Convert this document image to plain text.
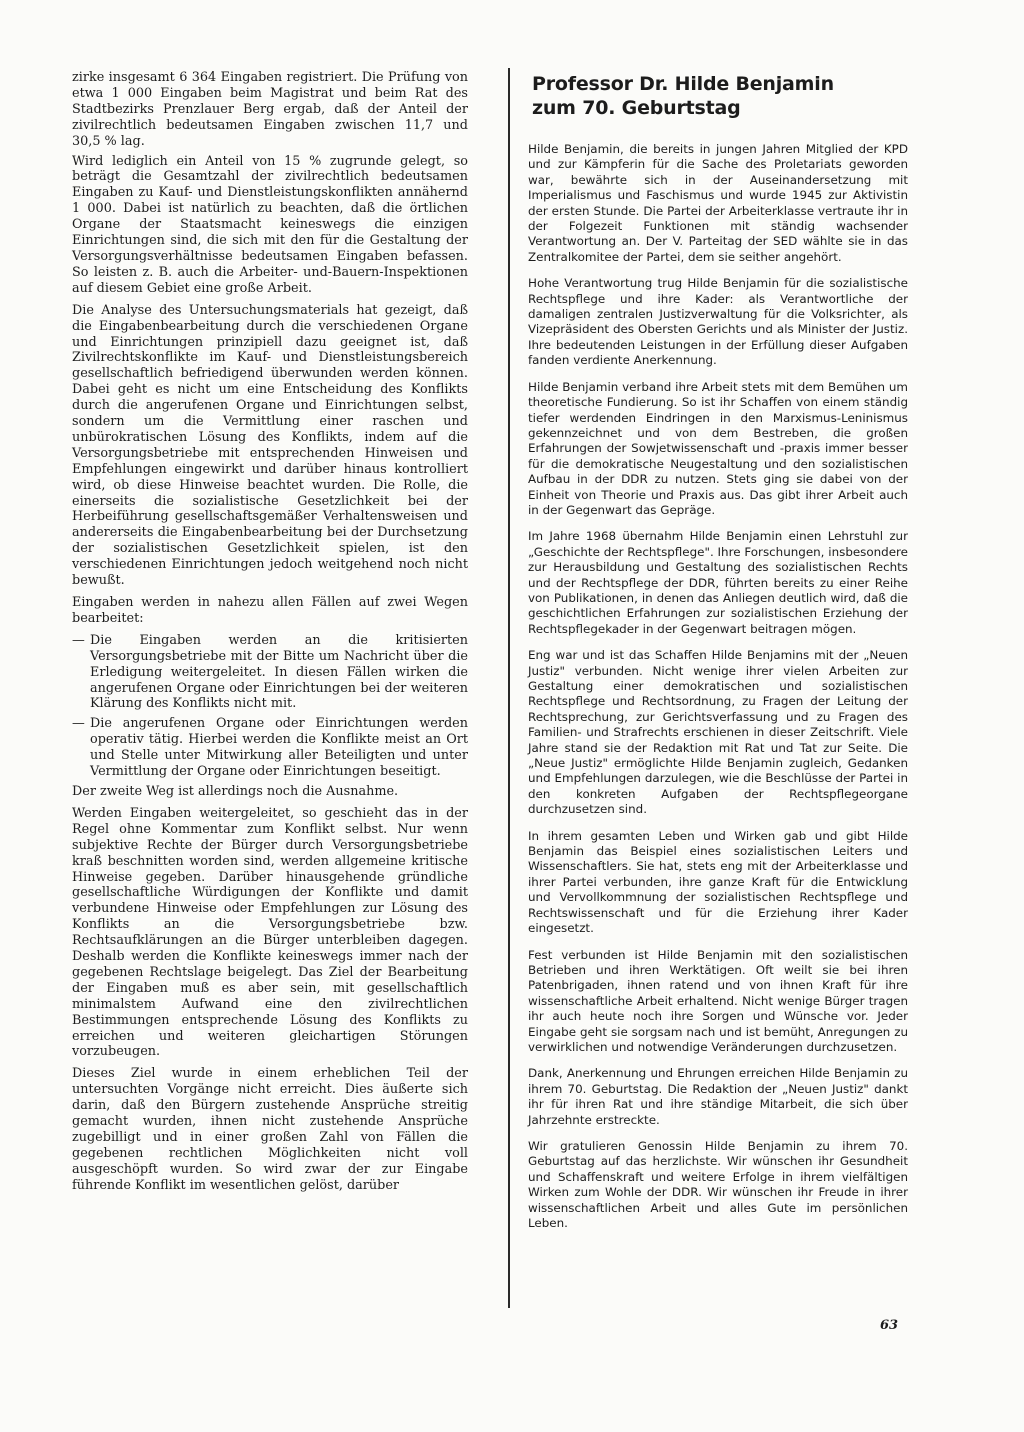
zirke insgesamt 6 364 Eingaben registriert. Die Prüfung von etwa 1 000 Eingaben beim Magistrat und beim Rat des Stadtbezirks Prenzlauer Berg ergab, daß der Anteil der zivilrechtlich bedeutsamen Eingaben zwischen 11,7 und 30,5 % lag.

Wird lediglich ein Anteil von 15 % zugrunde gelegt, so beträgt die Gesamtzahl der zivilrechtlich bedeutsamen Eingaben zu Kauf- und Dienstleistungskonflikten annähernd 1 000. Dabei ist natürlich zu beachten, daß die örtlichen Organe der Staatsmacht keineswegs die einzigen Einrichtungen sind, die sich mit den für die Gestaltung der Versorgungsverhältnisse bedeutsamen Eingaben befassen. So leisten z. B. auch die Arbeiter- und-Bauern-Inspektionen auf diesem Gebiet eine große Arbeit.

Die Analyse des Untersuchungsmaterials hat gezeigt, daß die Eingabenbearbeitung durch die verschiedenen Organe und Einrichtungen prinzipiell dazu geeignet ist, daß Zivilrechtskonflikte im Kauf- und Dienstleistungsbereich gesellschaftlich befriedigend überwunden werden können. Dabei geht es nicht um eine Entscheidung des Konflikts durch die angerufenen Organe und Einrichtungen selbst, sondern um die Vermittlung einer raschen und unbürokratischen Lösung des Konflikts, indem auf die Versorgungsbetriebe mit entsprechenden Hinweisen und Empfehlungen eingewirkt und darüber hinaus kontrolliert wird, ob diese Hinweise beachtet wurden. Die Rolle, die einerseits die sozialistische Gesetzlichkeit bei der Herbeiführung gesellschaftsgemäßer Verhaltensweisen und andererseits die Eingabenbearbeitung bei der Durchsetzung der sozialistischen Gesetzlichkeit spielen, ist den verschiedenen Einrichtungen jedoch weitgehend noch nicht bewußt.

Eingaben werden in nahezu allen Fällen auf zwei Wegen bearbeitet:

— Die Eingaben werden an die kritisierten Versorgungsbetriebe mit der Bitte um Nachricht über die Erledigung weitergeleitet. In diesen Fällen wirken die angerufenen Organe oder Einrichtungen bei der weiteren Klärung des Konflikts nicht mit.
— Die angerufenen Organe oder Einrichtungen werden operativ tätig. Hierbei werden die Konflikte meist an Ort und Stelle unter Mitwirkung aller Beteiligten und unter Vermittlung der Organe oder Einrichtungen beseitigt.

Der zweite Weg ist allerdings noch die Ausnahme.

Werden Eingaben weitergeleitet, so geschieht das in der Regel ohne Kommentar zum Konflikt selbst. Nur wenn subjektive Rechte der Bürger durch Versorgungsbetriebe kraß beschnitten worden sind, werden allgemeine kritische Hinweise gegeben. Darüber hinausgehende gründliche gesellschaftliche Würdigungen der Konflikte und damit verbundene Hinweise oder Empfehlungen zur Lösung des Konflikts an die Versorgungsbetriebe bzw. Rechtsaufklärungen an die Bürger unterbleiben dagegen. Deshalb werden die Konflikte keineswegs immer nach der gegebenen Rechtslage beigelegt. Das Ziel der Bearbeitung der Eingaben muß es aber sein, mit gesellschaftlich minimalstem Aufwand eine den zivilrechtlichen Bestimmungen entsprechende Lösung des Konflikts zu erreichen und weiteren gleichartigen Störungen vorzubeugen.

Dieses Ziel wurde in einem erheblichen Teil der untersuchten Vorgänge nicht erreicht. Dies äußerte sich darin, daß den Bürgern zustehende Ansprüche streitig gemacht wurden, ihnen nicht zustehende Ansprüche zugebilligt und in einer großen Zahl von Fällen die gegebenen rechtlichen Möglichkeiten nicht voll ausgeschöpft wurden. So wird zwar der zur Eingabe führende Konflikt im wesentlichen gelöst, darüber

Professor Dr. Hilde Benjamin
zum 70. Geburtstag

Hilde Benjamin, die bereits in jungen Jahren Mitglied der KPD und zur Kämpferin für die Sache des Proletariats geworden war, bewährte sich in der Auseinandersetzung mit Imperialismus und Faschismus und wurde 1945 zur Aktivistin der ersten Stunde. Die Partei der Arbeiterklasse vertraute ihr in der Folgezeit Funktionen mit ständig wachsender Verantwortung an. Der V. Parteitag der SED wählte sie in das Zentralkomitee der Partei, dem sie seither angehört.

Hohe Verantwortung trug Hilde Benjamin für die sozialistische Rechtspflege und ihre Kader: als Verantwortliche der damaligen zentralen Justizverwaltung für die Volksrichter, als Vizepräsident des Obersten Gerichts und als Minister der Justiz. Ihre bedeutenden Leistungen in der Erfüllung dieser Aufgaben fanden verdiente Anerkennung.

Hilde Benjamin verband ihre Arbeit stets mit dem Bemühen um theoretische Fundierung. So ist ihr Schaffen von einem ständig tiefer werdenden Eindringen in den Marxismus-Leninismus gekennzeichnet und von dem Bestreben, die großen Erfahrungen der Sowjetwissenschaft und -praxis immer besser für die demokratische Neugestaltung und den sozialistischen Aufbau in der DDR zu nutzen. Stets ging sie dabei von der Einheit von Theorie und Praxis aus. Das gibt ihrer Arbeit auch in der Gegenwart das Gepräge.

Im Jahre 1968 übernahm Hilde Benjamin einen Lehrstuhl zur „Geschichte der Rechtspflege". Ihre Forschungen, insbesondere zur Herausbildung und Gestaltung des sozialistischen Rechts und der Rechtspflege der DDR, führten bereits zu einer Reihe von Publikationen, in denen das Anliegen deutlich wird, daß die geschichtlichen Erfahrungen zur sozialistischen Erziehung der Rechtspflegekader in der Gegenwart beitragen mögen.

Eng war und ist das Schaffen Hilde Benjamins mit der „Neuen Justiz" verbunden. Nicht wenige ihrer vielen Arbeiten zur Gestaltung einer demokratischen und sozialistischen Rechtspflege und Rechtsordnung, zu Fragen der Leitung der Rechtsprechung, zur Gerichtsverfassung und zu Fragen des Familien- und Strafrechts erschienen in dieser Zeitschrift. Viele Jahre stand sie der Redaktion mit Rat und Tat zur Seite. Die „Neue Justiz" ermöglichte Hilde Benjamin zugleich, Gedanken und Empfehlungen darzulegen, wie die Beschlüsse der Partei in den konkreten Aufgaben der Rechtspflegeorgane durchzusetzen sind.

In ihrem gesamten Leben und Wirken gab und gibt Hilde Benjamin das Beispiel eines sozialistischen Leiters und Wissenschaftlers. Sie hat, stets eng mit der Arbeiterklasse und ihrer Partei verbunden, ihre ganze Kraft für die Entwicklung und Vervollkommnung der sozialistischen Rechtspflege und Rechtswissenschaft und für die Erziehung ihrer Kader eingesetzt.

Fest verbunden ist Hilde Benjamin mit den sozialistischen Betrieben und ihren Werktätigen. Oft weilt sie bei ihren Patenbrigaden, ihnen ratend und von ihnen Kraft für ihre wissenschaftliche Arbeit erhaltend. Nicht wenige Bürger tragen ihr auch heute noch ihre Sorgen und Wünsche vor. Jeder Eingabe geht sie sorgsam nach und ist bemüht, Anregungen zu verwirklichen und notwendige Veränderungen durchzusetzen.

Dank, Anerkennung und Ehrungen erreichen Hilde Benjamin zu ihrem 70. Geburtstag. Die Redaktion der „Neuen Justiz" dankt ihr für ihren Rat und ihre ständige Mitarbeit, die sich über Jahrzehnte erstreckte.

Wir gratulieren Genossin Hilde Benjamin zu ihrem 70. Geburtstag auf das herzlichste. Wir wünschen ihr Gesundheit und Schaffenskraft und weitere Erfolge in ihrem vielfältigen Wirken zum Wohle der DDR. Wir wünschen ihr Freude in ihrer wissenschaftlichen Arbeit und alles Gute im persönlichen Leben.

63
